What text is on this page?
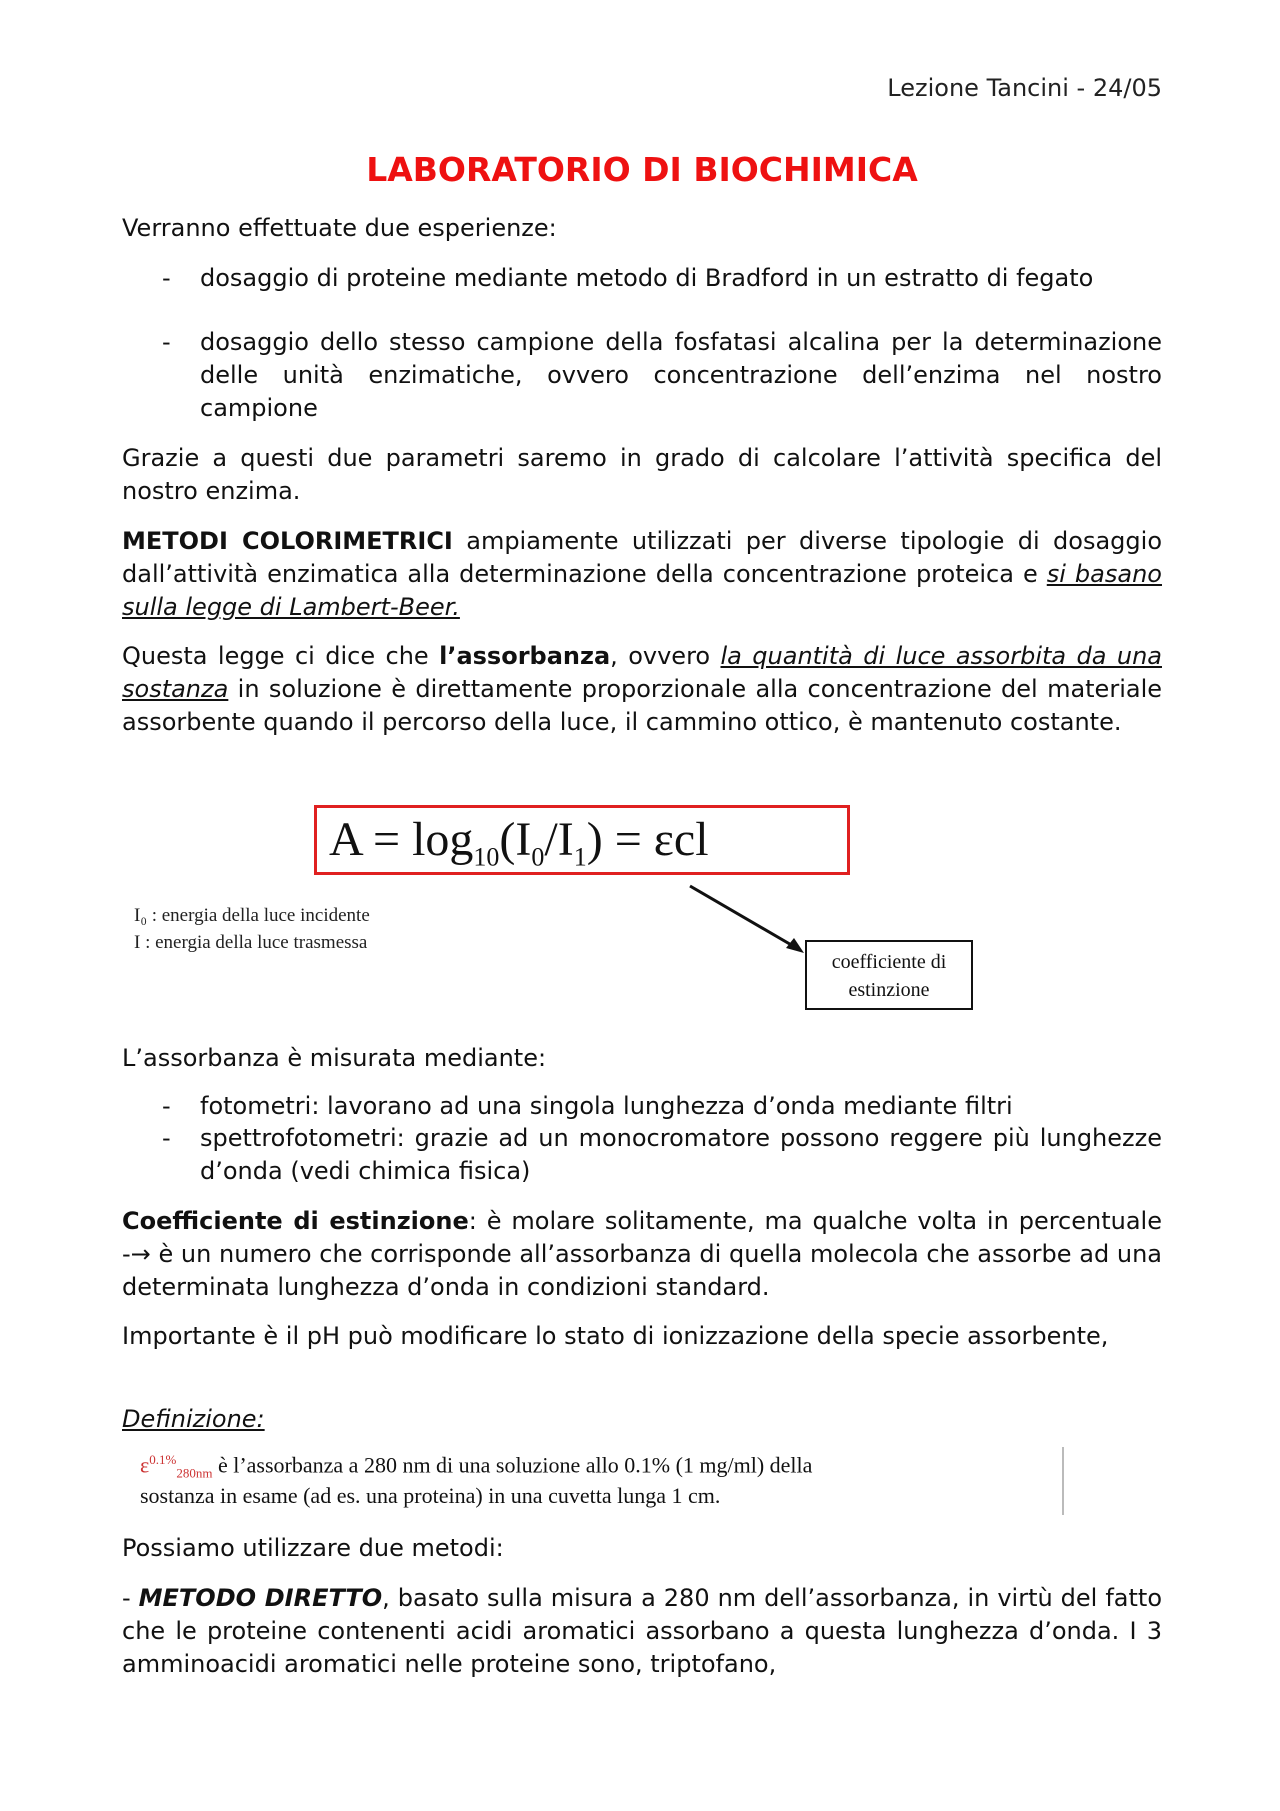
Lezione Tancini - 24/05
LABORATORIO DI BIOCHIMICA

Verranno effettuate due esperienze:

- dosaggio di proteine mediante metodo di Bradford in un estratto di fegato

- dosaggio dello stesso campione della fosfatasi alcalina per la determinazione delle unità enzimatiche, ovvero concentrazione dell’enzima nel nostro campione

Grazie a questi due parametri saremo in grado di calcolare l’attività specifica del nostro enzima.

METODI COLORIMETRICI ampiamente utilizzati per diverse tipologie di dosaggio dall’attività enzimatica alla determinazione della concentrazione proteica e si basano sulla legge di Lambert-Beer.

Questa legge ci dice che l’assorbanza, ovvero la quantità di luce assorbita da una sostanza in soluzione è direttamente proporzionale alla concentrazione del materiale assorbente quando il percorso della luce, il cammino ottico, è mantenuto costante.

$A = \log_{10}(I_0/I_1) = \varepsilon cl$
I₀ : energia della luce incidente
I : energia della luce trasmessa
coefficiente di
estinzione

L’assorbanza è misurata mediante:

- fotometri: lavorano ad una singola lunghezza d’onda mediante filtri

- spettrofotometri: grazie ad un monocromatore possono reggere più lunghezze d’onda (vedi chimica fisica)

Coefficiente di estinzione: è molare solitamente, ma qualche volta in percentuale -→ è un numero che corrisponde all’assorbanza di quella molecola che assorbe ad una determinata lunghezza d’onda in condizioni standard.

Importante è il pH può modificare lo stato di ionizzazione della specie assorbente,

Definizione:

$\varepsilon^{0.1\%}_{280nm}$ è l’assorbanza a 280 nm di una soluzione allo 0.1% (1 mg/ml) della
sostanza in esame (ad es. una proteina) in una cuvetta lunga 1 cm.

Possiamo utilizzare due metodi:

- METODO DIRETTO, basato sulla misura a 280 nm dell’assorbanza, in virtù del fatto che le proteine contenenti acidi aromatici assorbano a questa lunghezza d’onda. I 3 amminoacidi aromatici nelle proteine sono, triptofano,
